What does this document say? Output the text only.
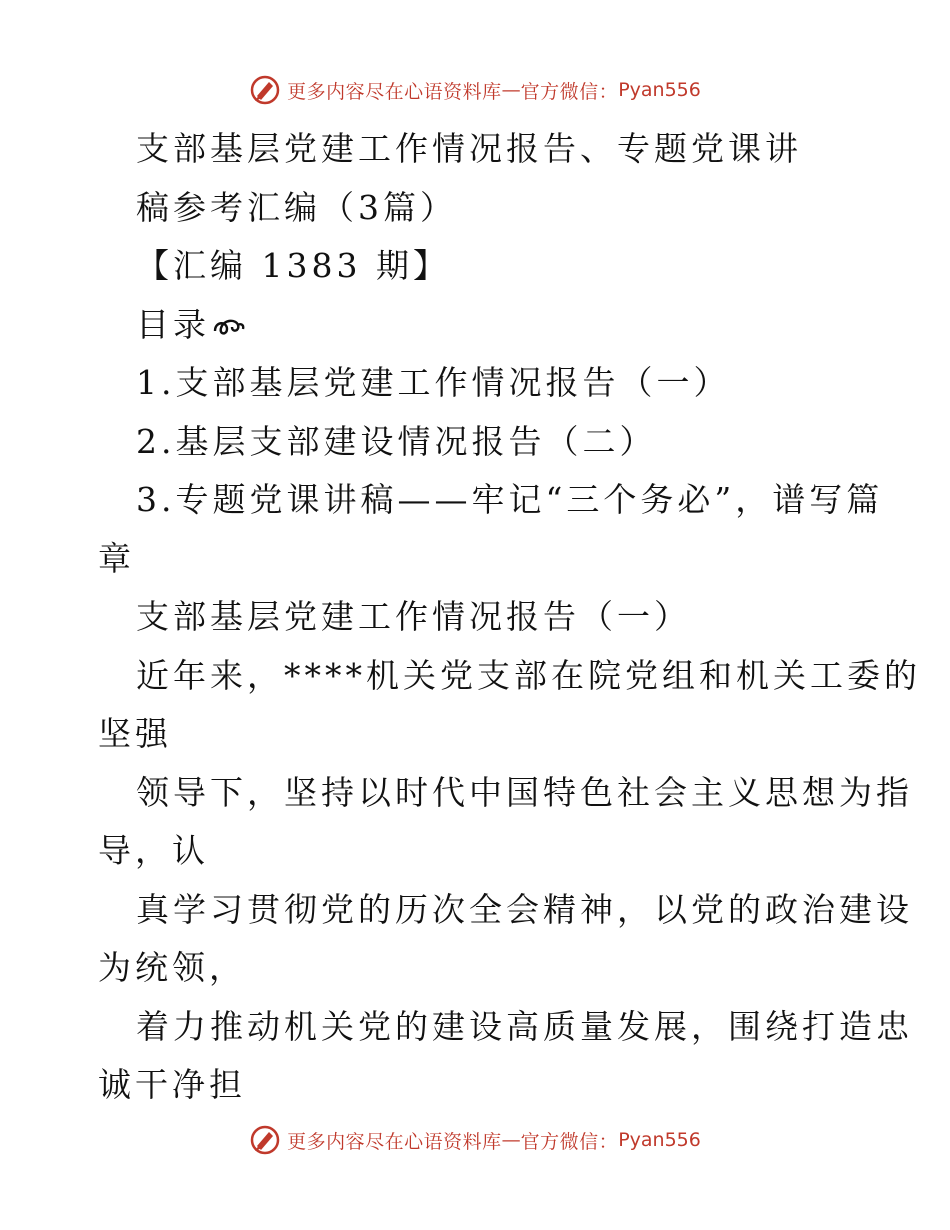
更多内容尽在心语资料库 — 官方微信： Pyan556
支部基层党建工作情况报告、专题党课讲
稿参考汇编（3篇）
【汇编 1383 期】
目录
1.支部基层党建工作情况报告（一）
2.基层支部建设情况报告（二）
3.专题党课讲稿——牢记“三个务必”，谱写篇
章
支部基层党建工作情况报告（一）
近年来，****机关党支部在院党组和机关工委的
坚强
领导下，坚持以时代中国特色社会主义思想为指
导，认
真学习贯彻党的历次全会精神，以党的政治建设
为统领，
着力推动机关党的建设高质量发展，围绕打造忠
诚干净担
更多内容尽在心语资料库 — 官方微信： Pyan556
